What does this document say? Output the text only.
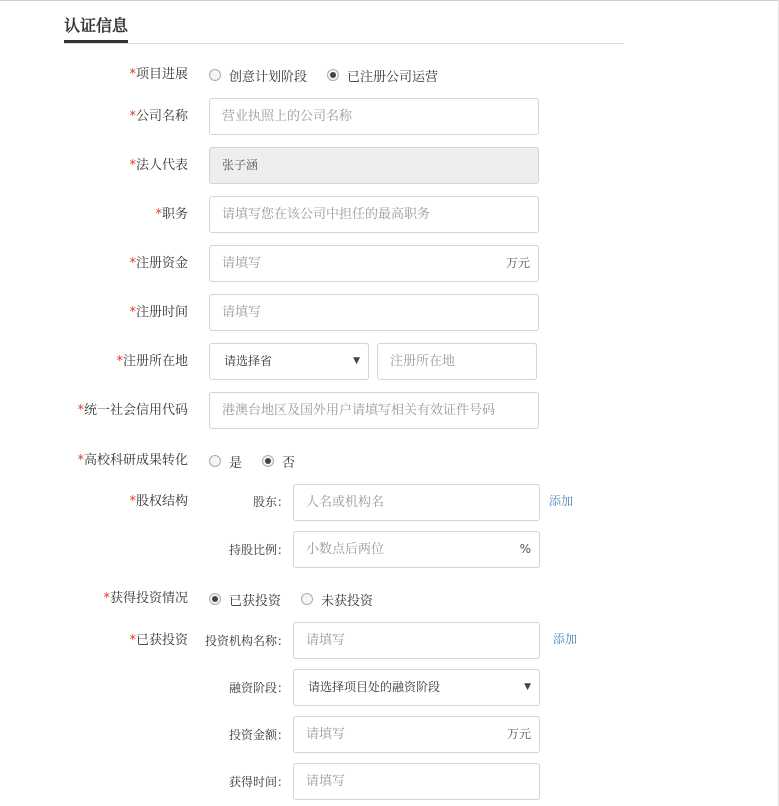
认证信息
*项目进展	创意计划阶段	已注册公司运营
*公司名称	营业执照上的公司名称
*法人代表	张子涵
*职务	请填写您在该公司中担任的最高职务
*注册资金	请填写	万元
*注册时间	请填写
*注册所在地	请选择省	▼ 注册所在地
*统一社会信用代码	港澳台地区及国外用户请填写相关有效证件号码
*高校科研成果转化	是	否
*股权结构	股东： 人名或机构名	添加
持股比例： 小数点后两位	%
*获得投资情况	已获投资	未获投资
*已获投资 投资机构名称： 请填写	添加
融资阶段： 请选择项目处的融资阶段	▼
投资金额： 请填写	万元
获得时间： 请填写
